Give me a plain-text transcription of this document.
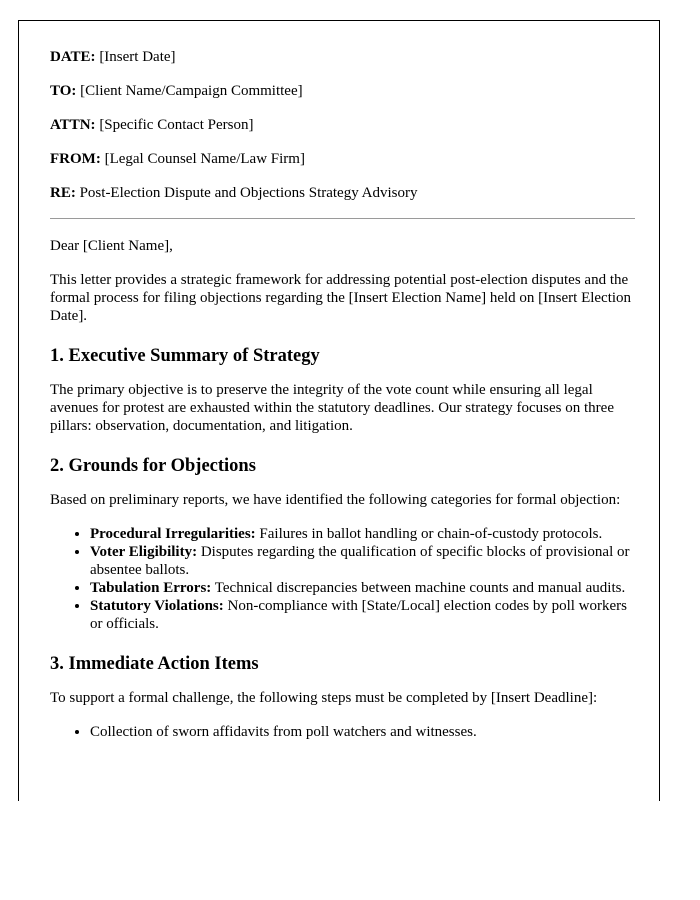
DATE: [Insert Date]
TO: [Client Name/Campaign Committee]
ATTN: [Specific Contact Person]
FROM: [Legal Counsel Name/Law Firm]
RE: Post-Election Dispute and Objections Strategy Advisory

Dear [Client Name],

This letter provides a strategic framework for addressing potential post-election disputes and the formal process for filing objections regarding the [Insert Election Name] held on [Insert Election Date].

1. Executive Summary of Strategy

The primary objective is to preserve the integrity of the vote count while ensuring all legal avenues for protest are exhausted within the statutory deadlines. Our strategy focuses on three pillars: observation, documentation, and litigation.

2. Grounds for Objections

Based on preliminary reports, we have identified the following categories for formal objection:

• Procedural Irregularities: Failures in ballot handling or chain-of-custody protocols.
• Voter Eligibility: Disputes regarding the qualification of specific blocks of provisional or absentee ballots.
• Tabulation Errors: Technical discrepancies between machine counts and manual audits.
• Statutory Violations: Non-compliance with [State/Local] election codes by poll workers or officials.
3. Immediate Action Items

To support a formal challenge, the following steps must be completed by [Insert Deadline]:

• Collection of sworn affidavits from poll watchers and witnesses.
